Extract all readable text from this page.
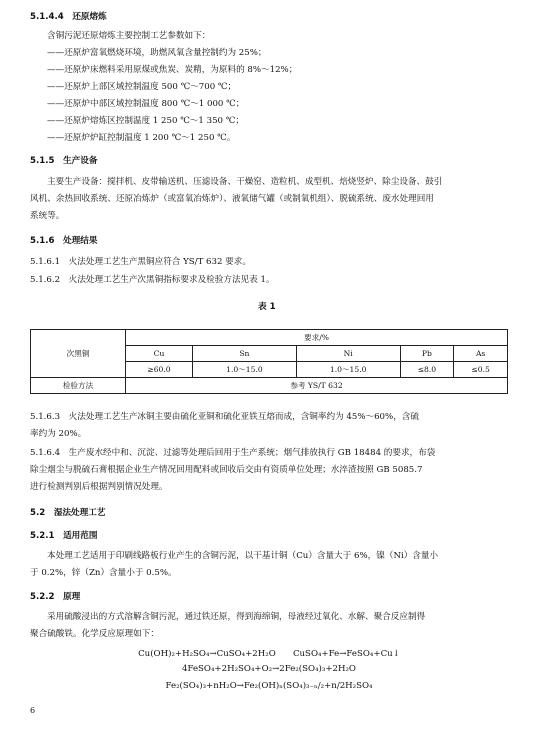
5.1.4.4　 还原熔炼
含铜污泥还原熔炼主要控制工艺参数如下：
——还原炉富氧燃烧环境，助燃风氧含量控制约为 25%；
——还原炉床燃料采用原煤或焦炭、炭精，为原料的 8%～12%；
——还原炉上部区域控制温度 500 ℃～700 ℃；
——还原炉中部区域控制温度 800 ℃～1 000 ℃；
——还原炉熔炼区控制温度 1 250 ℃～1 350 ℃；
——还原炉炉缸控制温度 1 200 ℃～1 250 ℃。
5.1.5　 生产设备
主要生产设备：搅拌机、皮带输送机、压滤设备、干燥窑、造粒机、成型机、焙烧竖炉、除尘设备、鼓引
风机、余热回收系统、还原冶炼炉（或富氧冶炼炉）、液氧储气罐（或制氧机组）、脱硫系统、废水处理回用
系统等。
5.1.6　 处理结果
5.1.6.1　火法处理工艺生产黑铜应符合 YS/T 632 要求。
5.1.6.2　火法处理工艺生产次黑铜指标要求及检验方法见表 1。
表 1
次黑铜	要求/%				
	Cu	Sn	Ni	Pb	As
	≥60.0	1.0～15.0	1.0～15.0	≤8.0	≤0.5
检验方法	参考 YS/T 632				
5.1.6.3　火法处理工艺生产冰铜主要由硫化亚铜和硫化亚铁互熔而成，含铜率约为 45%～60%，含硫
率约为 20%。
5.1.6.4　生产废水经中和、沉淀、过滤等处理后回用于生产系统；烟气排放执行 GB 18484 的要求，布袋
除尘烟尘与脱硫石膏根据企业生产情况回用配料或回收后交由有资质单位处理；水淬渣按照 GB 5085.7
进行检测判别后根据判别情况处理。
5.2　 湿法处理工艺
5.2.1　 适用范围
本处理工艺适用于印刷线路板行业产生的含铜污泥，以干基计铜（Cu）含量大于 6%，镍（Ni）含量小
于 0.2%，锌（Zn）含量小于 0.5%。
5.2.2　 原理
采用硫酸浸出的方式溶解含铜污泥，通过铁还原，得到海绵铜，母液经过氧化、水解、聚合反应制得
聚合硫酸铁。化学反应原理如下：
Cu(OH)₂+H₂SO₄→CuSO₄+2H₂O　　CuSO₄+Fe→FeSO₄+Cu↓
4FeSO₄+2H₂SO₄+O₂→2Fe₂(SO₄)₃+2H₂O
Fe₂(SO₄)₃+nH₂O→Fe₂(OH)ₙ(SO₄)₃₋ₙ/₂+n/2H₂SO₄
6
